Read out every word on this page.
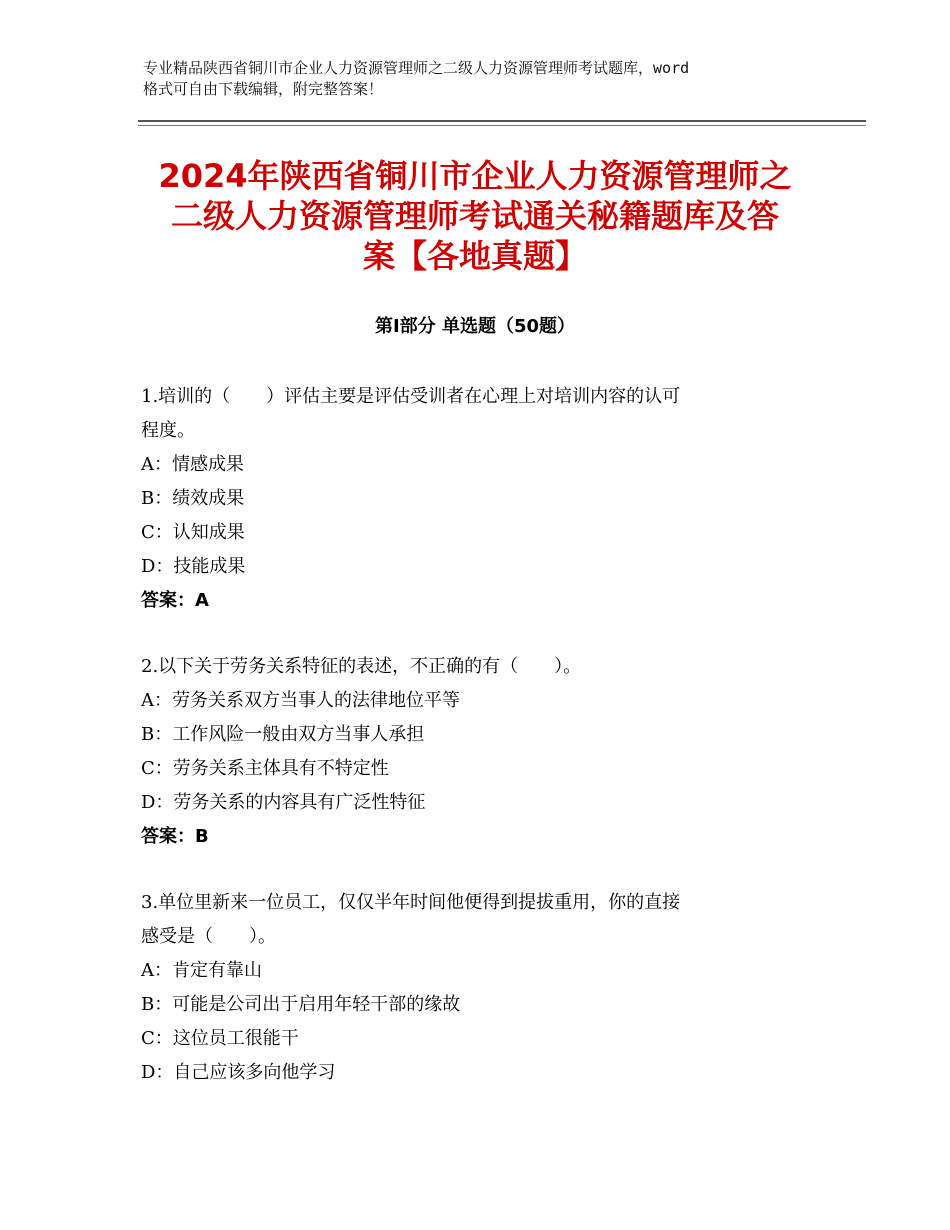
专业精品陕西省铜川市企业人力资源管理师之二级人力资源管理师考试题库，word
格式可自由下载编辑，附完整答案！
2024年陕西省铜川市企业人力资源管理师之
二级人力资源管理师考试通关秘籍题库及答
案【各地真题】
第Ⅰ部分 单选题（50题）
1.培训的（　　）评估主要是评估受训者在心理上对培训内容的认可
程度。
A：情感成果
B：绩效成果
C：认知成果
D：技能成果
答案：A
2.以下关于劳务关系特征的表述，不正确的有（　　）。
A：劳务关系双方当事人的法律地位平等
B：工作风险一般由双方当事人承担
C：劳务关系主体具有不特定性
D：劳务关系的内容具有广泛性特征
答案：B
3.单位里新来一位员工，仅仅半年时间他便得到提拔重用，你的直接
感受是（　　）。
A：肯定有靠山
B：可能是公司出于启用年轻干部的缘故
C：这位员工很能干
D：自己应该多向他学习
